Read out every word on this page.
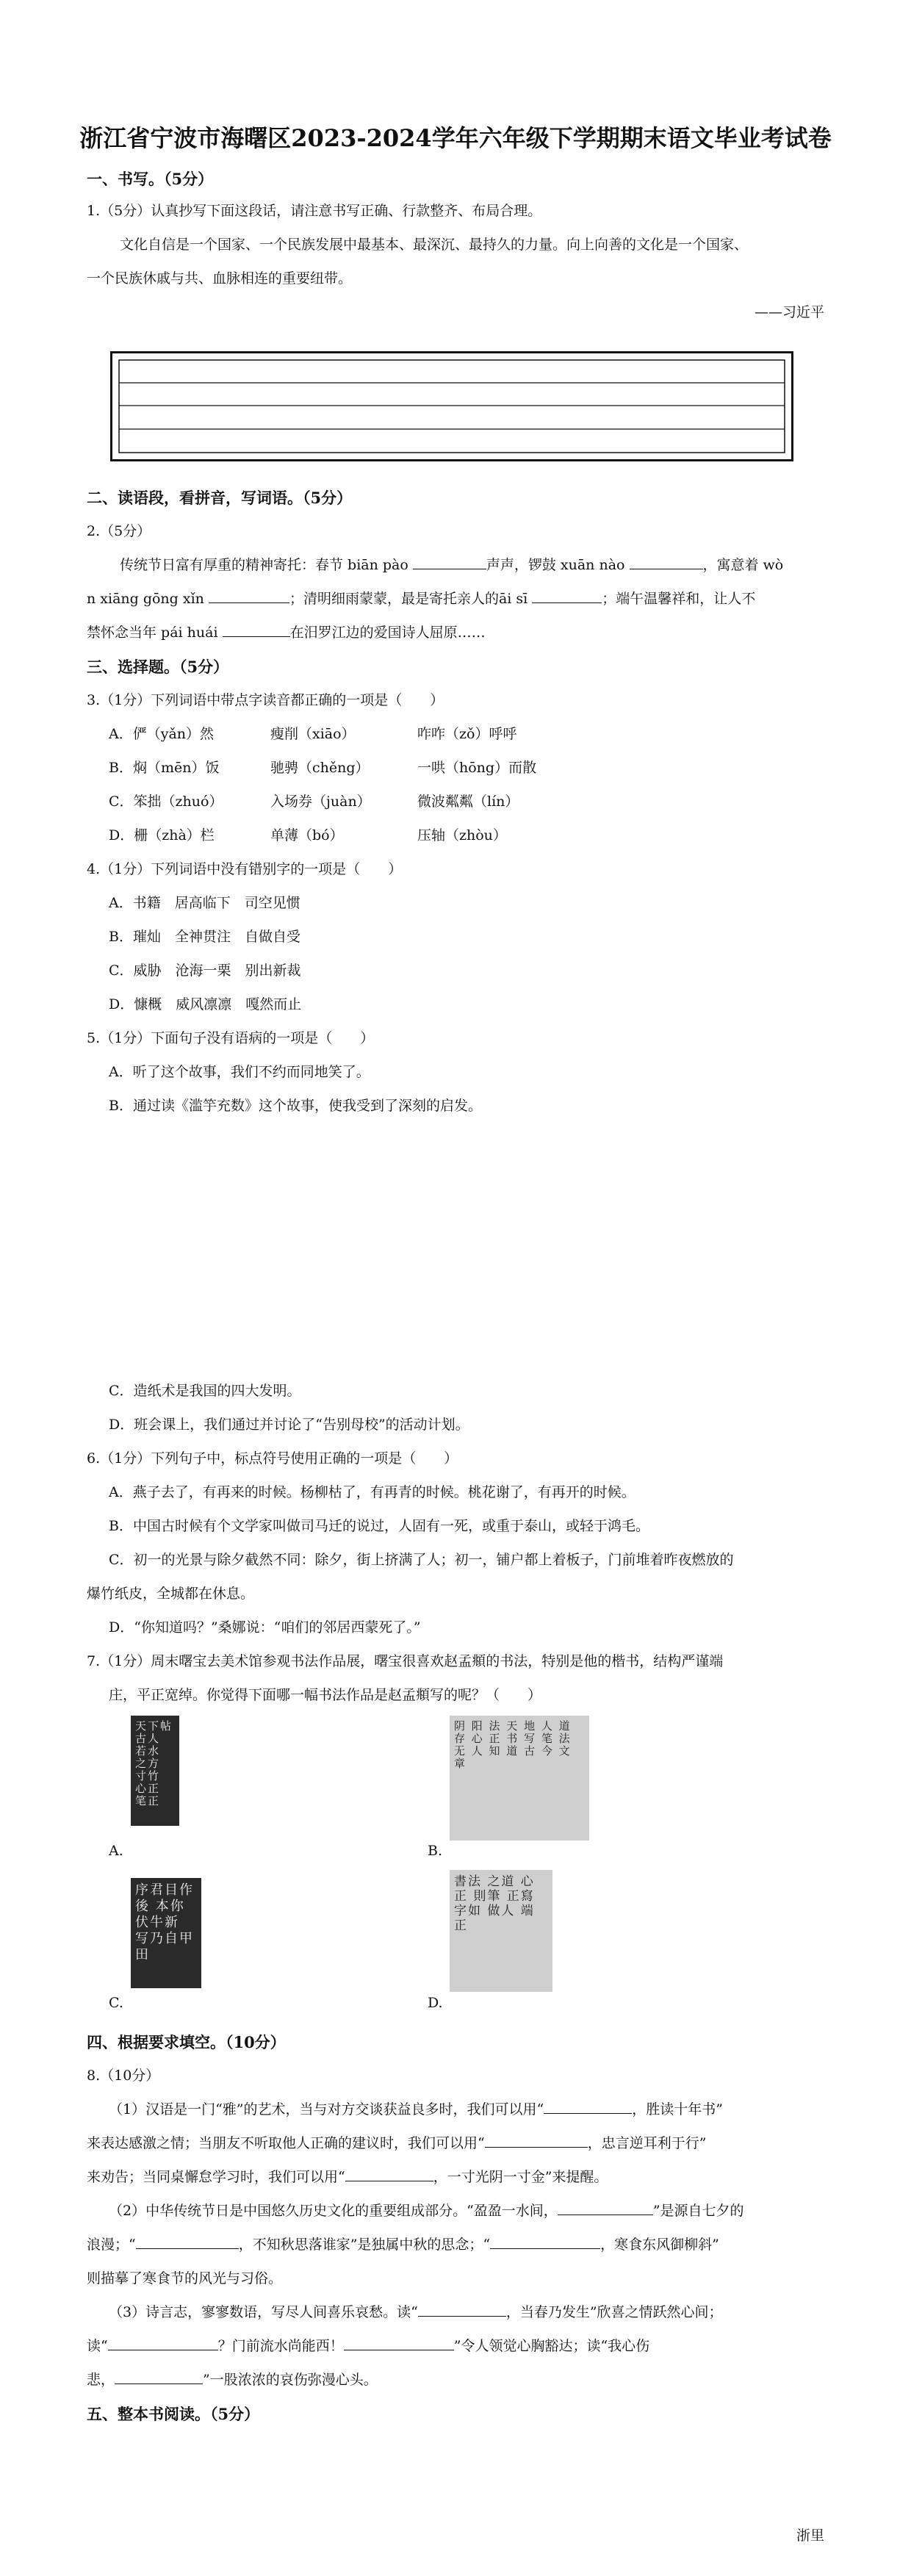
浙江省宁波市海曙区2023-2024学年六年级下学期期末语文毕业考试卷
一、书写。（5分）
1.（5分）认真抄写下面这段话，请注意书写正确、行款整齐、布局合理。
文化自信是一个国家、一个民族发展中最基本、最深沉、最持久的力量。向上向善的文化是一个国家、
一个民族休戚与共、血脉相连的重要纽带。
——习近平
二、读语段，看拼音，写词语。（5分）
2.（5分）
传统节日富有厚重的精神寄托：春节 biān pào	声声，锣鼓 xuān nào	，寓意着 wò
n xiāng gōng xǐn	；清明细雨蒙蒙，最是寄托亲人的āi sī	；端午温馨祥和，让人不
禁怀念当年 pái huái	在汨罗江边的爱国诗人屈原……
三、选择题。（5分）
3.（1分）下列词语中带点字读音都正确的一项是（　　）
A．俨（yǎn）然	瘦削（xiāo）	咋咋（zǒ）呼呼
B．焖（mēn）饭	驰骋（chěng）	一哄（hōng）而散
C．笨拙（zhuó）	入场券（juàn）	微波粼粼（lín）
D．栅（zhà）栏	单薄（bó）	压轴（zhòu）
4.（1分）下列词语中没有错别字的一项是（　　）
A．书籍　居高临下　司空见惯
B．璀灿　全神贯注　自做自受
C．威胁　沧海一栗　别出新裁
D．慷概　威风凛凛　嘎然而止
5.（1分）下面句子没有语病的一项是（　　）
A．听了这个故事，我们不约而同地笑了。
B．通过读《滥竽充数》这个故事，使我受到了深刻的启发。
C．造纸术是我国的四大发明。
D．班会课上，我们通过并讨论了“告别母校”的活动计划。
6.（1分）下列句子中，标点符号使用正确的一项是（　　）
A．燕子去了，有再来的时候。杨柳枯了，有再青的时候。桃花谢了，有再开的时候。
B．中国古时候有个文学家叫做司马迁的说过，人固有一死，或重于泰山，或轻于鸿毛。
C．初一的光景与除夕截然不同：除夕，街上挤满了人；初一，铺户都上着板子，门前堆着昨夜燃放的
爆竹纸皮，全城都在休息。
D．“你知道吗？”桑娜说：“咱们的邻居西蒙死了。”
7.（1分）周末曙宝去美术馆参观书法作品展，曙宝很喜欢赵孟頫的书法，特别是他的楷书，结构严谨端
庄，平正宽绰。你觉得下面哪一幅书法作品是赵孟頫写的呢？（　　）
天下帖 古人 若水 之方 寸竹 心正 笔正
A.
阴 阳 法 天 地 人 道 存 心 正 书 写 笔 法 无 人 知 道 古 今 文 章
B.
序君目作後 本你伏牛新 写乃自甲田
C.
書法 之道 心正 則筆 正寫 字如 做人 端正
D.
四、根据要求填空。（10分）
8.（10分）
（1）汉语是一门“雅”的艺术，当与对方交谈获益良多时，我们可以用“	，胜读十年书”
来表达感激之情；当朋友不听取他人正确的建议时，我们可以用“	，忠言逆耳利于行”
来劝告；当同桌懈怠学习时，我们可以用“	，一寸光阴一寸金”来提醒。
（2）中华传统节日是中国悠久历史文化的重要组成部分。“盈盈一水间，	”是源自七夕的
浪漫；“	，不知秋思落谁家”是独属中秋的思念；“	，寒食东风御柳斜”
则描摹了寒食节的风光与习俗。
（3）诗言志，寥寥数语，写尽人间喜乐哀愁。读“	，当春乃发生”欣喜之情跃然心间；
读“	？门前流水尚能西！	”令人领觉心胸豁达；读“我心伤
悲，	”一股浓浓的哀伤弥漫心头。
五、整本书阅读。（5分）
浙里
